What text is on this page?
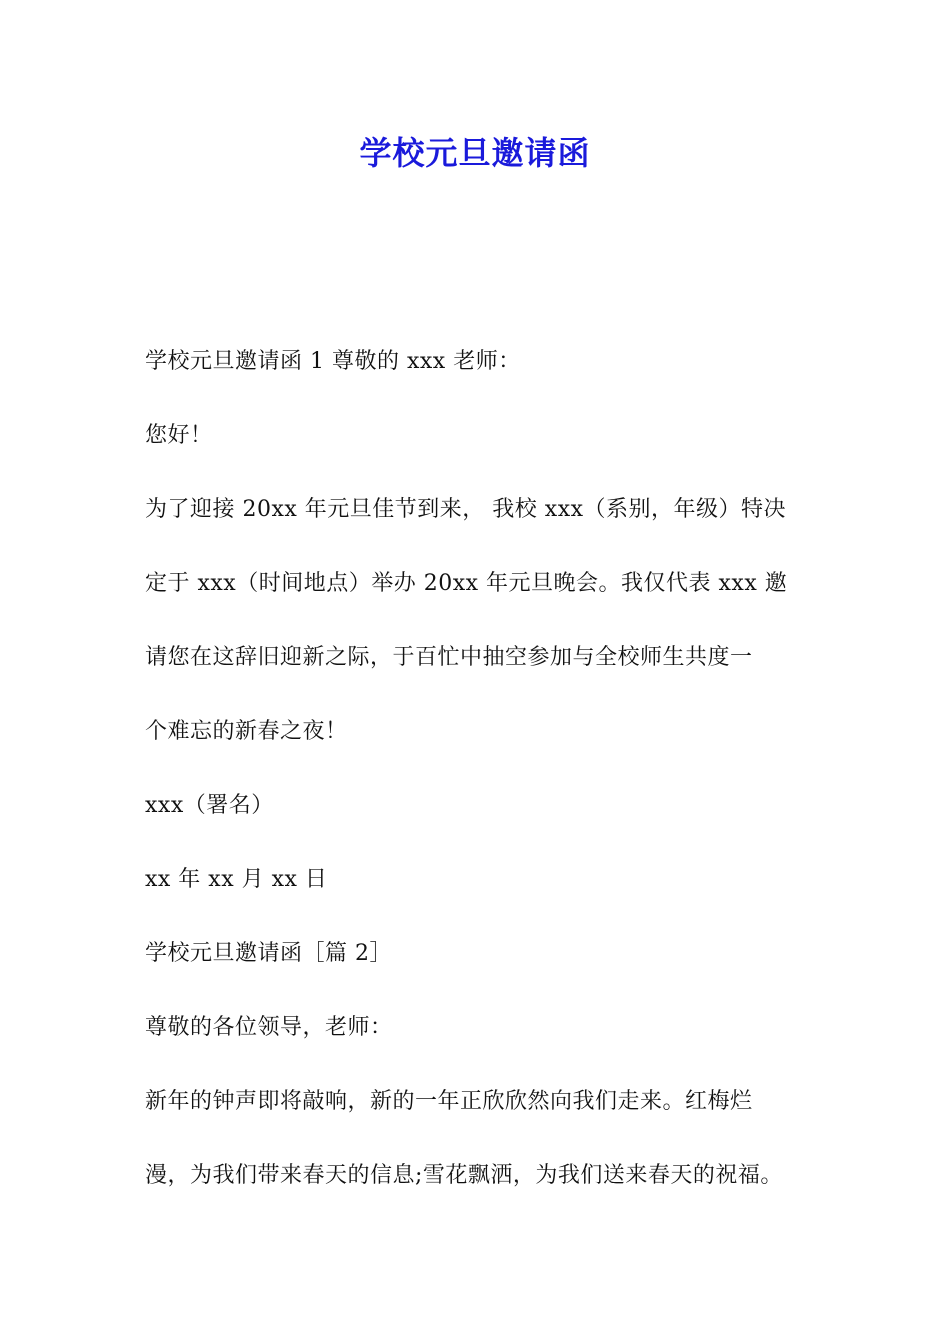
学校元旦邀请函
学校元旦邀请函 1 尊敬的 xxx 老师：
您好！
为了迎接 20xx 年元旦佳节到来， 我校 xxx（系别，年级）特决
定于 xxx（时间地点）举办 20xx 年元旦晚会。我仅代表 xxx 邀
请您在这辞旧迎新之际，于百忙中抽空参加与全校师生共度一
个难忘的新春之夜！
xxx（署名）
xx 年 xx 月 xx 日
学校元旦邀请函［篇 2］
尊敬的各位领导，老师：
新年的钟声即将敲响，新的一年正欣欣然向我们走来。红梅烂
漫，为我们带来春天的信息;雪花飘洒，为我们送来春天的祝福。
